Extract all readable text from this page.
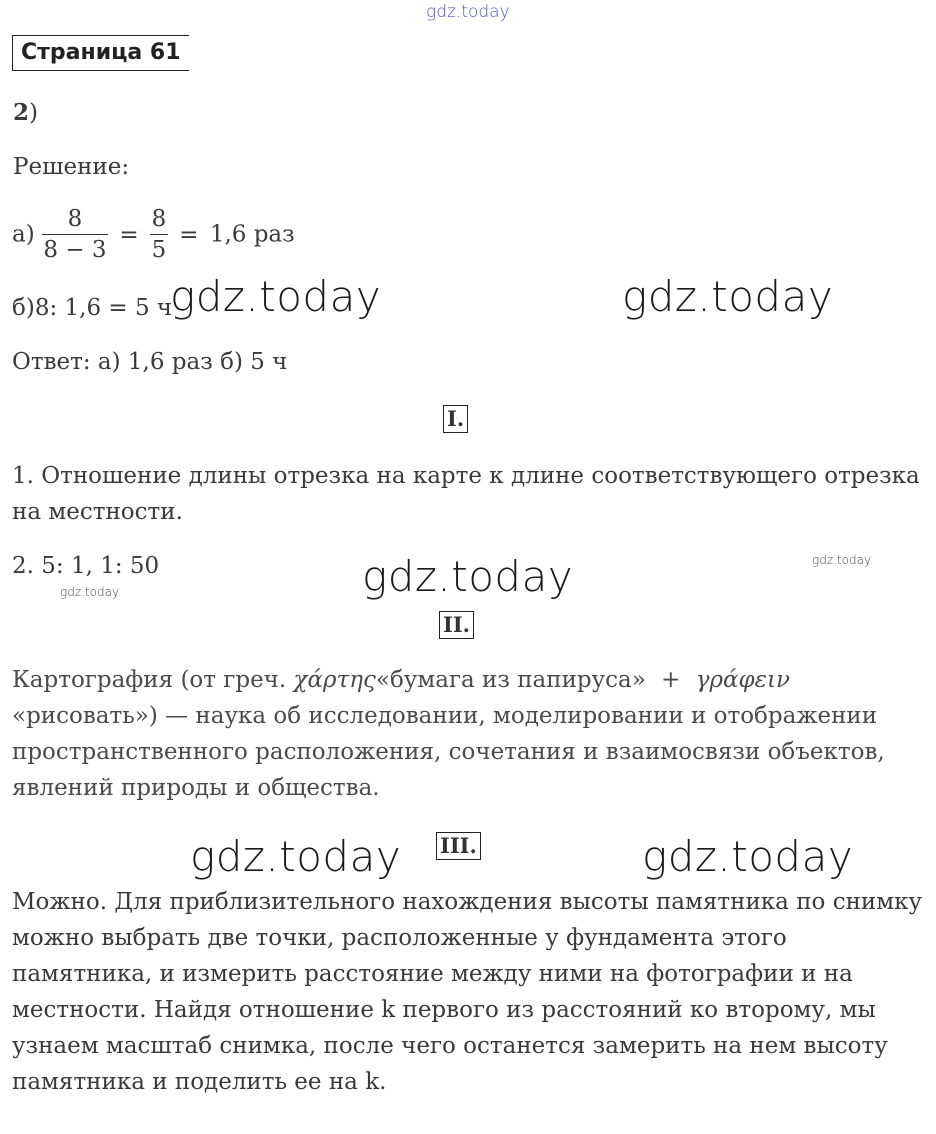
gdz.today
Страница 61
2)
Решение:
$а) \frac{8}{8 - 3} = \frac{8}{5} = 1,6$ раз
б)8: 1,6 = 5 ч
gdz.today	gdz.today
Ответ: а) 1,6 раз б) 5 ч
I.
1. Отношение длины отрезка на карте к длине соответствующего отрезка на местности.
2. 5: 1, 1: 50
gdz.today
gdz.today
gdz.today
II.
Картография (от греч. χάρτης«бумага из папируса» + γράφειν «рисовать») — наука об исследовании, моделировании и отображении пространственного расположения, сочетания и взаимосвязи объектов, явлений природы и общества.
gdz.today III.	gdz.today
Можно. Для приблизительного нахождения высоты памятника по снимку можно выбрать две точки, расположенные у фундамента этого памятника, и измерить расстояние между ними на фотографии и на местности. Найдя отношение k первого из расстояний ко второму, мы узнаем масштаб снимка, после чего останется замерить на нем высоту памятника и поделить ее на k.
